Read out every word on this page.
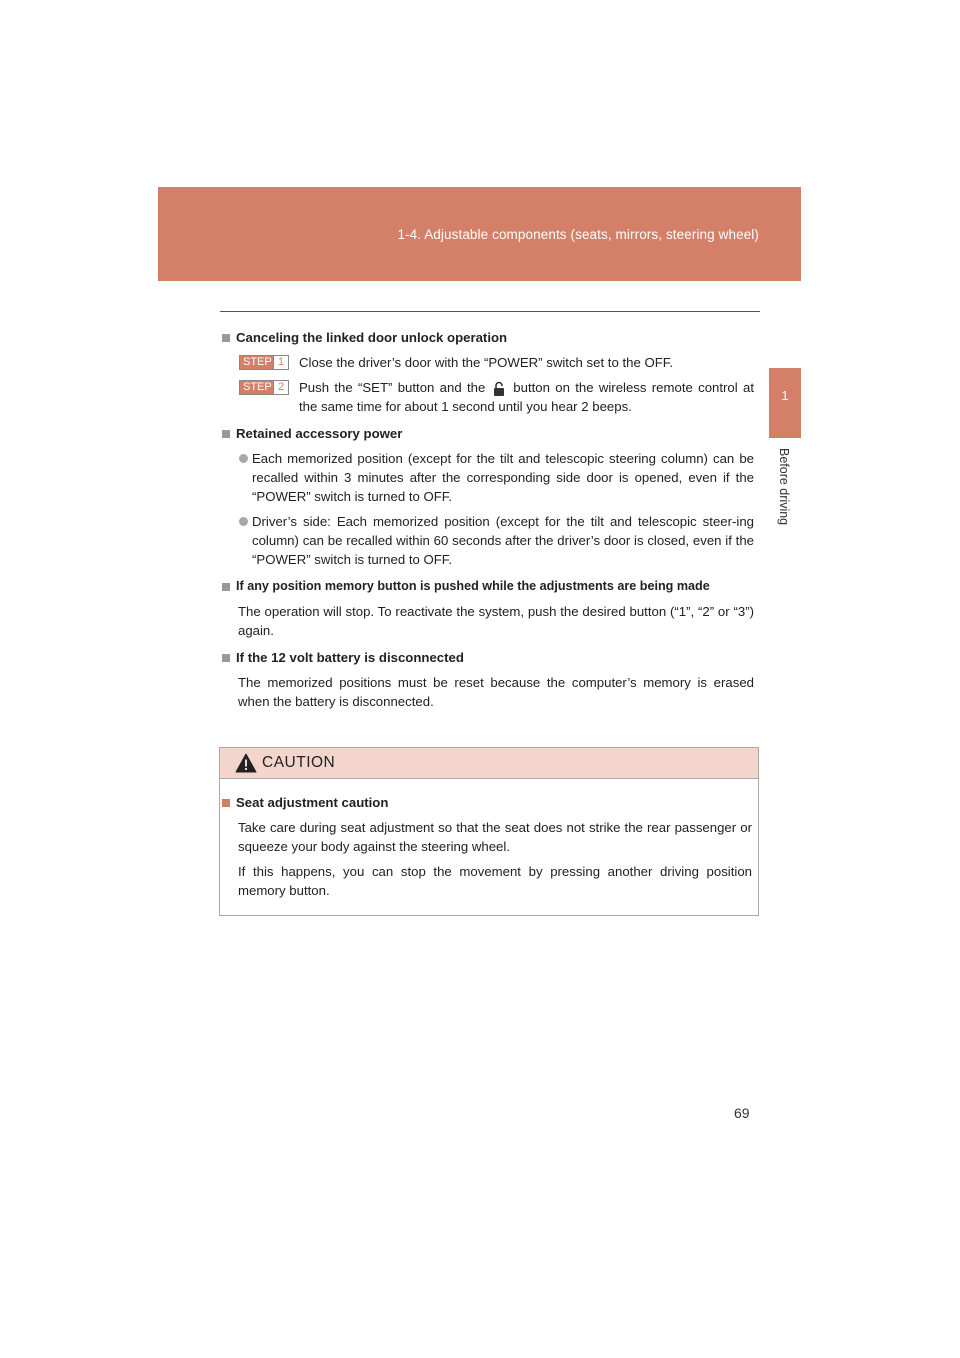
1-4. Adjustable components (seats, mirrors, steering wheel)
1
Before driving
Canceling the linked door unlock operation
STEP 1 Close the driver’s door with the “POWER” switch set to the OFF.
STEP 2 Push the “SET” button and the button on the wireless remote control at the same time for about 1 second until you hear 2 beeps.
Retained accessory power
Each memorized position (except for the tilt and telescopic steering column) can be recalled within 3 minutes after the corresponding side door is opened, even if the “POWER” switch is turned to OFF.
Driver’s side: Each memorized position (except for the tilt and telescopic steer-ing column) can be recalled within 60 seconds after the driver’s door is closed, even if the “POWER” switch is turned to OFF.
If any position memory button is pushed while the adjustments are being made
The operation will stop. To reactivate the system, push the desired button (“1”, “2” or “3”) again.
If the 12 volt battery is disconnected
The memorized positions must be reset because the computer’s memory is erased when the battery is disconnected.
CAUTION
Seat adjustment caution
Take care during seat adjustment so that the seat does not strike the rear passenger or squeeze your body against the steering wheel.
If this happens, you can stop the movement by pressing another driving position memory button.
69
